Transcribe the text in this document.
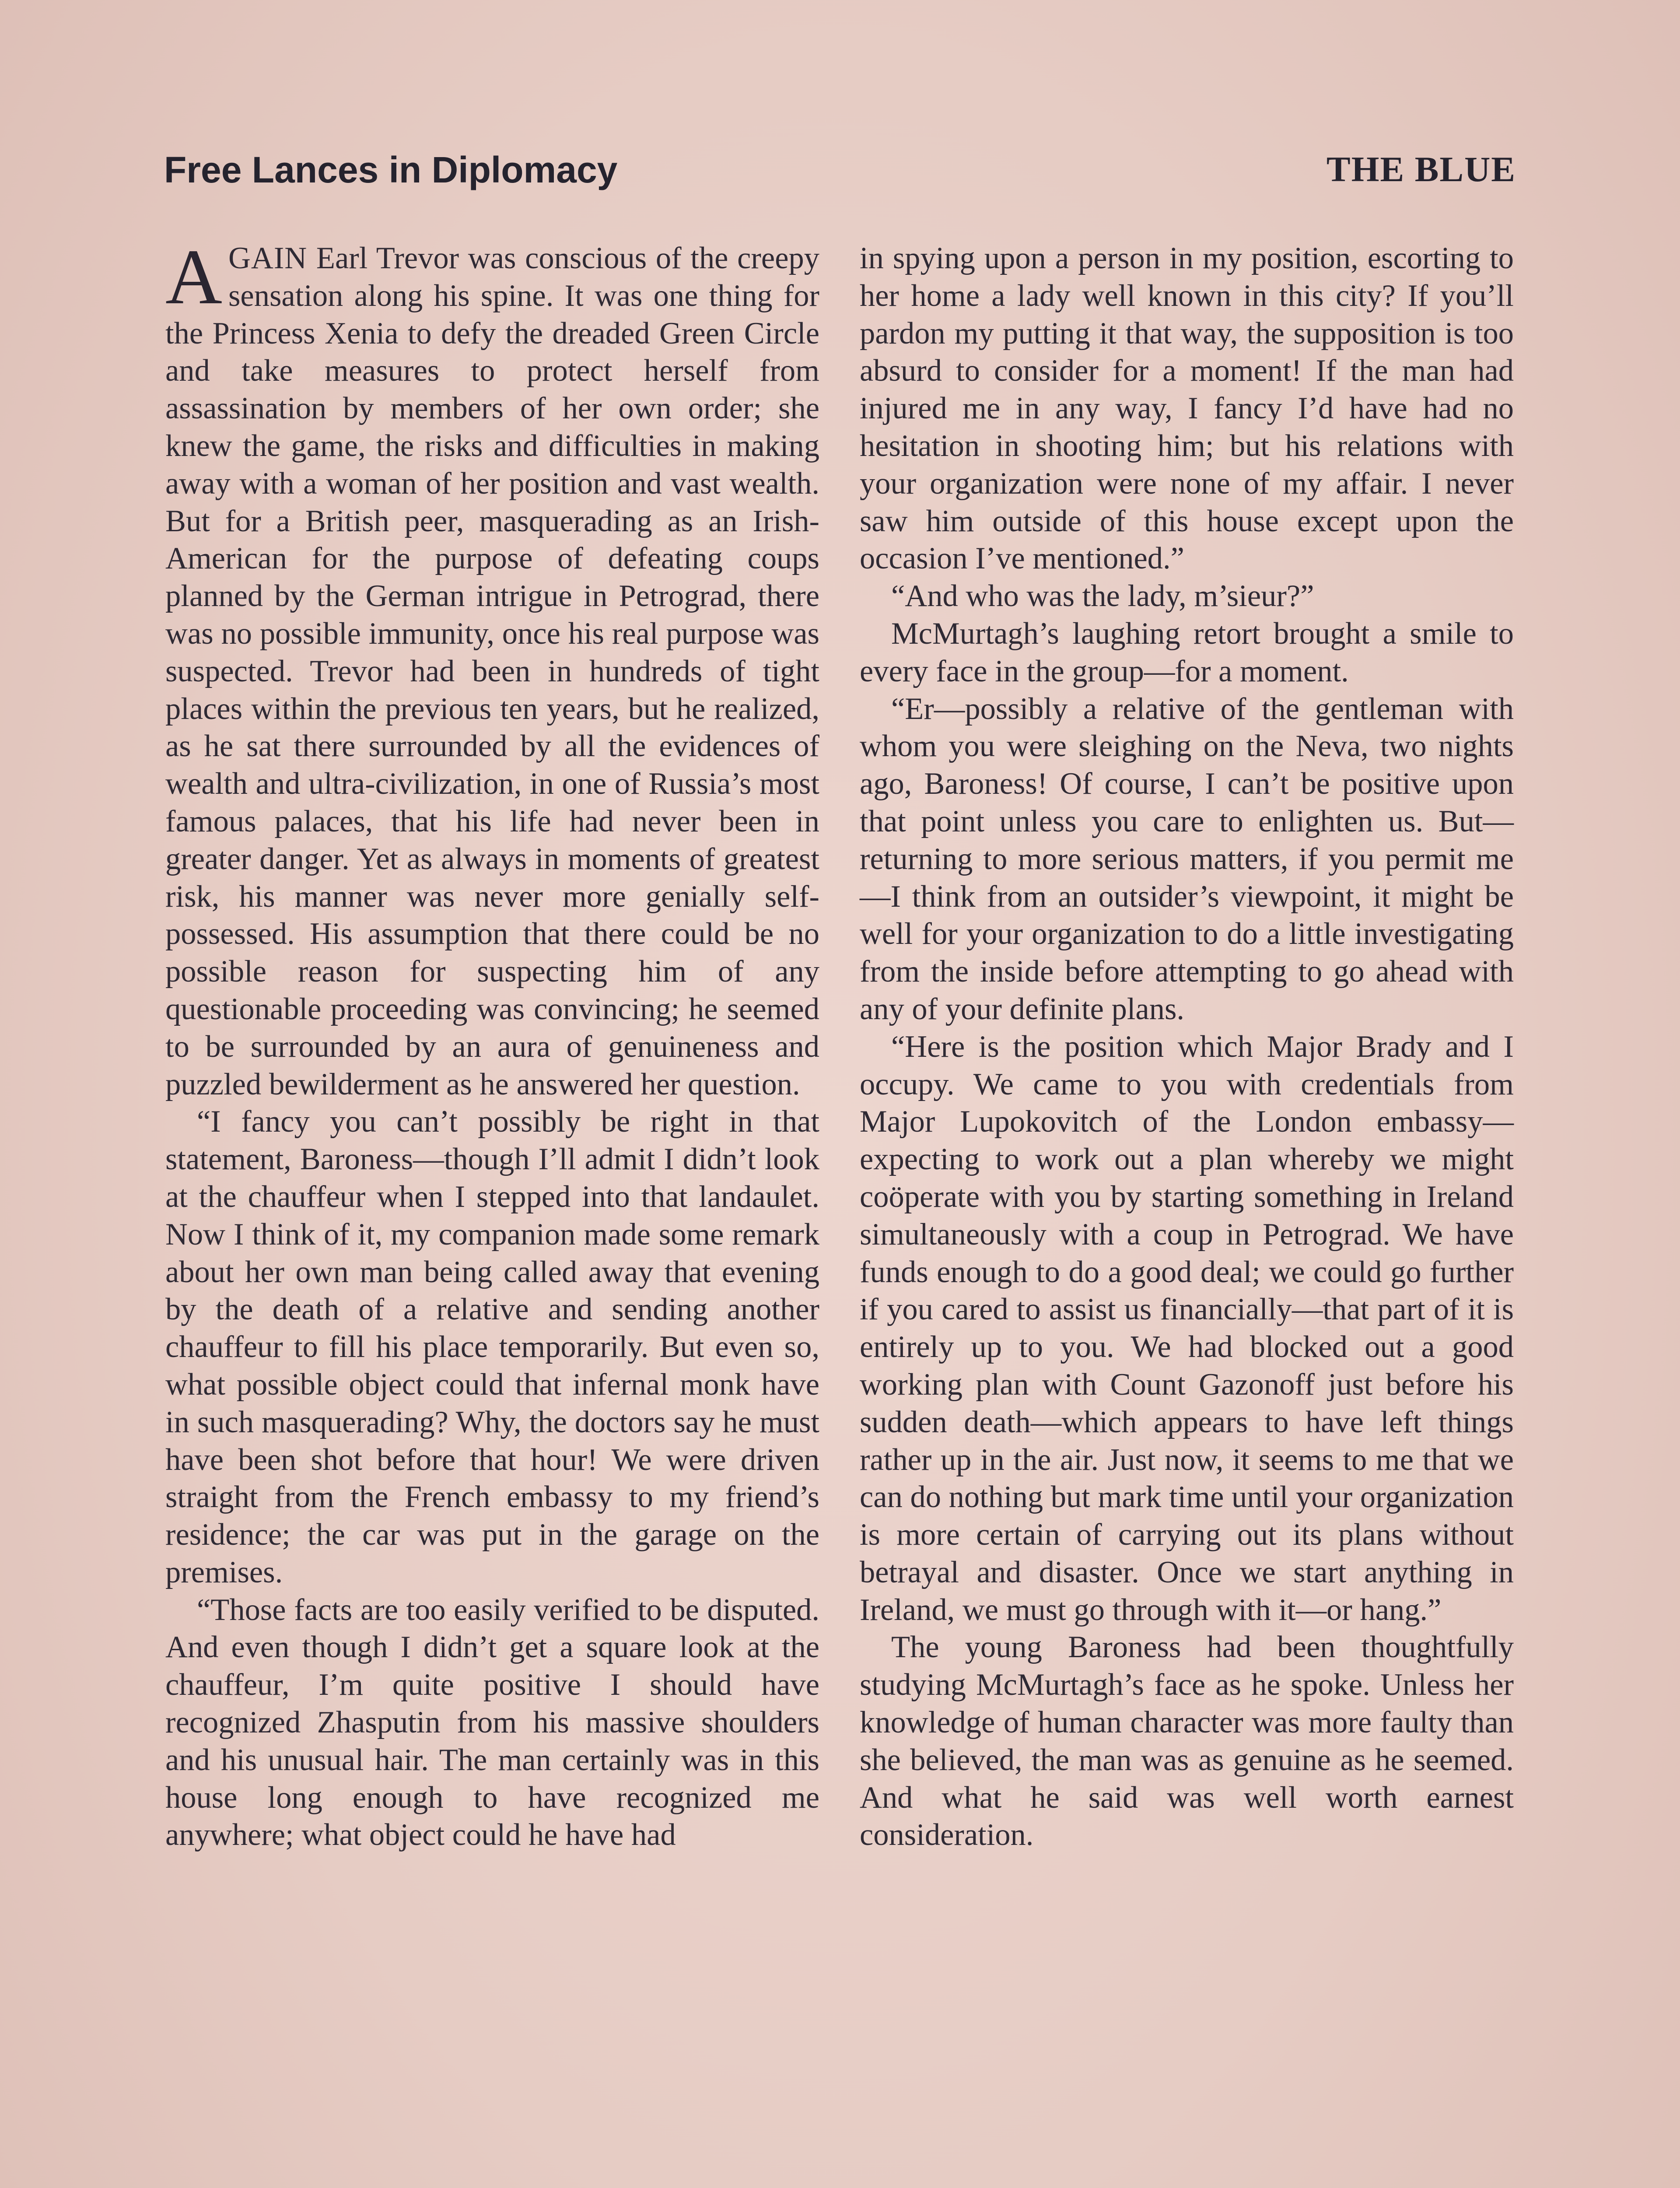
Free Lances in Diplomacy	THE BLUE

AGAIN Earl Trevor was conscious of the creepy sensation along his spine. It was one thing for the Princess Xenia to defy the dreaded Green Circle and take measures to protect herself from assassination by members of her own order; she knew the game, the risks and difficulties in making away with a woman of her position and vast wealth. But for a British peer, masquerading as an Irish-American for the purpose of defeating coups planned by the German intrigue in Petrograd, there was no possible immunity, once his real purpose was suspected. Trevor had been in hundreds of tight places within the previous ten years, but he realized, as he sat there surrounded by all the evidences of wealth and ultra-civilization, in one of Russia’s most famous palaces, that his life had never been in greater danger. Yet as always in moments of greatest risk, his manner was never more genially self-possessed. His assumption that there could be no possible reason for suspecting him of any questionable proceeding was convincing; he seemed to be surrounded by an aura of genuineness and puzzled bewilderment as he answered her question.

“I fancy you can’t possibly be right in that statement, Baroness—though I’ll admit I didn’t look at the chauffeur when I stepped into that landaulet. Now I think of it, my companion made some remark about her own man being called away that evening by the death of a relative and sending another chauffeur to fill his place temporarily. But even so, what possible object could that infernal monk have in such masquerading? Why, the doctors say he must have been shot before that hour! We were driven straight from the French embassy to my friend’s residence; the car was put in the garage on the premises.

“Those facts are too easily verified to be disputed. And even though I didn’t get a square look at the chauffeur, I’m quite positive I should have recognized Zhasputin from his massive shoulders and his unusual hair. The man certainly was in this house long enough to have recognized me anywhere; what object could he have had

in spying upon a person in my position, escorting to her home a lady well known in this city? If you’ll pardon my putting it that way, the supposition is too absurd to consider for a moment! If the man had injured me in any way, I fancy I’d have had no hesitation in shooting him; but his relations with your organization were none of my affair. I never saw him outside of this house except upon the occasion I’ve mentioned.”

“And who was the lady, m’sieur?”

McMurtagh’s laughing retort brought a smile to every face in the group—for a moment.

“Er—possibly a relative of the gentleman with whom you were sleighing on the Neva, two nights ago, Baroness! Of course, I can’t be positive upon that point unless you care to enlighten us. But—returning to more serious matters, if you permit me—I think from an outsider’s viewpoint, it might be well for your organization to do a little investigating from the inside before attempting to go ahead with any of your definite plans.

“Here is the position which Major Brady and I occupy. We came to you with credentials from Major Lupokovitch of the London embassy—expecting to work out a plan whereby we might coöperate with you by starting something in Ireland simultaneously with a coup in Petrograd. We have funds enough to do a good deal; we could go further if you cared to assist us financially—that part of it is entirely up to you. We had blocked out a good working plan with Count Gazonoff just before his sudden death—which appears to have left things rather up in the air. Just now, it seems to me that we can do nothing but mark time until your organization is more certain of carrying out its plans without betrayal and disaster. Once we start anything in Ireland, we must go through with it—or hang.”

The young Baroness had been thoughtfully studying McMurtagh’s face as he spoke. Unless her knowledge of human character was more faulty than she believed, the man was as genuine as he seemed. And what he said was well worth earnest consideration.
